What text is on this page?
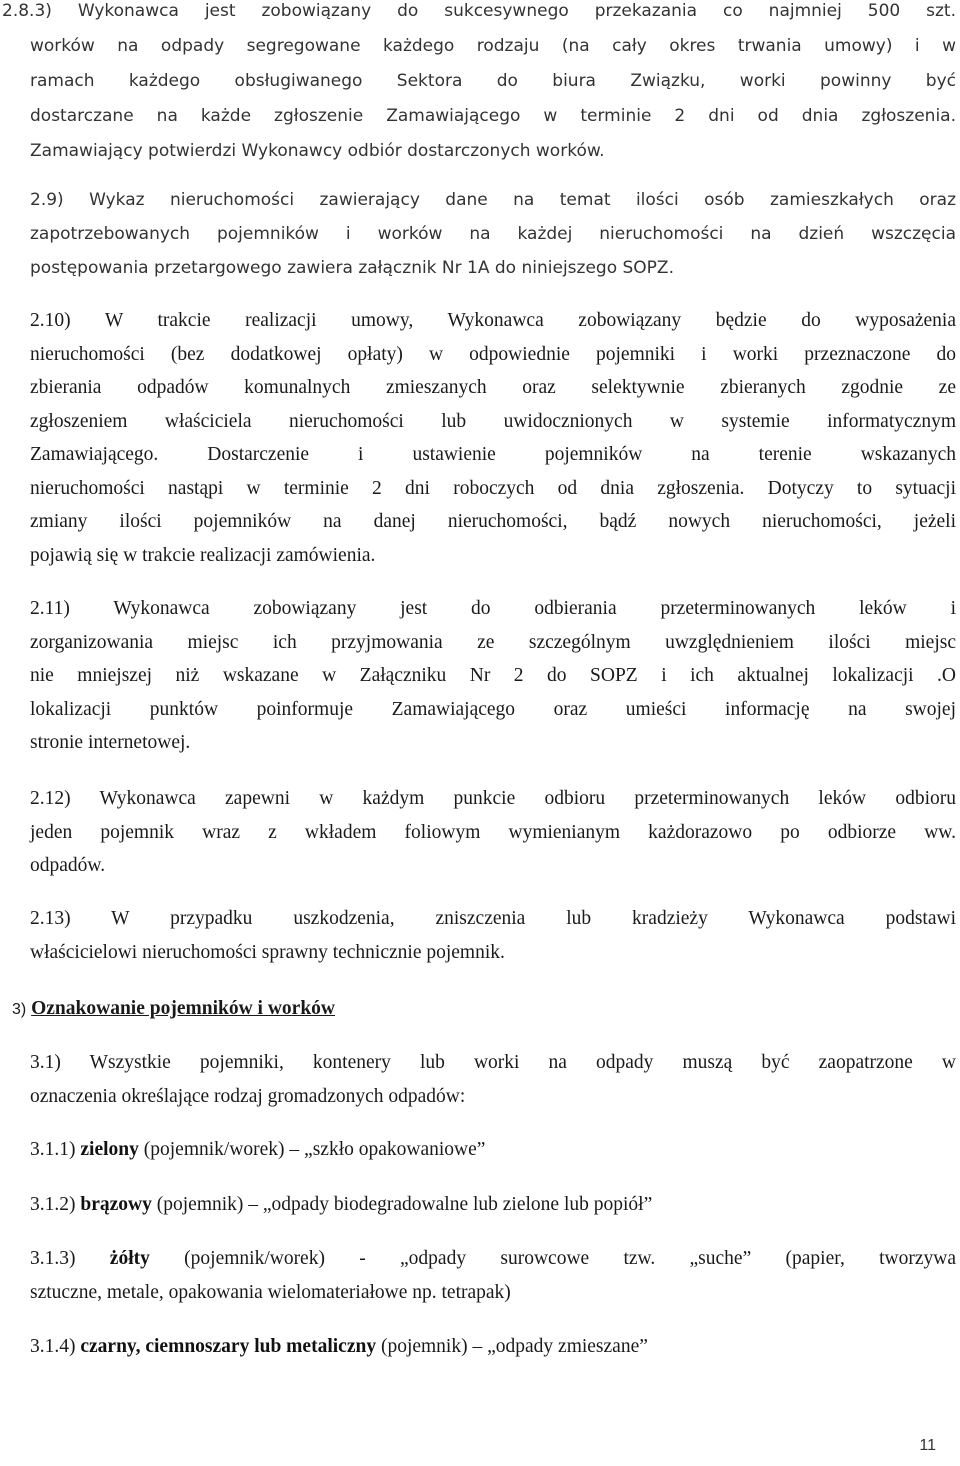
2.8.3) Wykonawca jest zobowiązany do sukcesywnego przekazania co najmniej 500 szt.
worków na odpady segregowane każdego rodzaju (na cały okres trwania umowy) i w
ramach każdego obsługiwanego Sektora do biura Związku, worki powinny być
dostarczane na każde zgłoszenie Zamawiającego w terminie 2 dni od dnia zgłoszenia.
Zamawiający potwierdzi Wykonawcy odbiór dostarczonych worków.

2.9) Wykaz nieruchomości zawierający dane na temat ilości osób zamieszkałych oraz
zapotrzebowanych pojemników i worków na każdej nieruchomości na dzień wszczęcia
postępowania przetargowego zawiera załącznik Nr 1A do niniejszego SOPZ.

2.10) W trakcie realizacji umowy, Wykonawca zobowiązany będzie do wyposażenia
nieruchomości (bez dodatkowej opłaty) w odpowiednie pojemniki i worki przeznaczone do
zbierania odpadów komunalnych zmieszanych oraz selektywnie zbieranych zgodnie ze
zgłoszeniem właściciela nieruchomości lub uwidocznionych w systemie informatycznym
Zamawiającego. Dostarczenie i ustawienie pojemników na terenie wskazanych
nieruchomości nastąpi w terminie 2 dni roboczych od dnia zgłoszenia. Dotyczy to sytuacji
zmiany ilości pojemników na danej nieruchomości, bądź nowych nieruchomości, jeżeli
pojawią się w trakcie realizacji zamówienia.

2.11) Wykonawca zobowiązany jest do odbierania przeterminowanych leków i
zorganizowania miejsc ich przyjmowania ze szczególnym uwzględnieniem ilości miejsc
nie mniejszej niż wskazane w Załączniku Nr 2 do SOPZ i ich aktualnej lokalizacji .O
lokalizacji punktów poinformuje Zamawiającego oraz umieści informację na swojej
stronie internetowej.

2.12) Wykonawca zapewni w każdym punkcie odbioru przeterminowanych leków odbioru
jeden pojemnik wraz z wkładem foliowym wymienianym każdorazowo po odbiorze ww.
odpadów.

2.13) W przypadku uszkodzenia, zniszczenia lub kradzieży Wykonawca podstawi
właścicielowi nieruchomości sprawny technicznie pojemnik.

3) Oznakowanie pojemników i worków

3.1) Wszystkie pojemniki, kontenery lub worki na odpady muszą być zaopatrzone w
oznaczenia określające rodzaj gromadzonych odpadów:

3.1.1) zielony (pojemnik/worek) – „szkło opakowaniowe”

3.1.2) brązowy (pojemnik) – „odpady biodegradowalne lub zielone lub popiół”

3.1.3) żółty (pojemnik/worek) - „odpady surowcowe tzw. „suche” (papier, tworzywa
sztuczne, metale, opakowania wielomateriałowe np. tetrapak)

3.1.4) czarny, ciemnoszary lub metaliczny (pojemnik) – „odpady zmieszane”

11
